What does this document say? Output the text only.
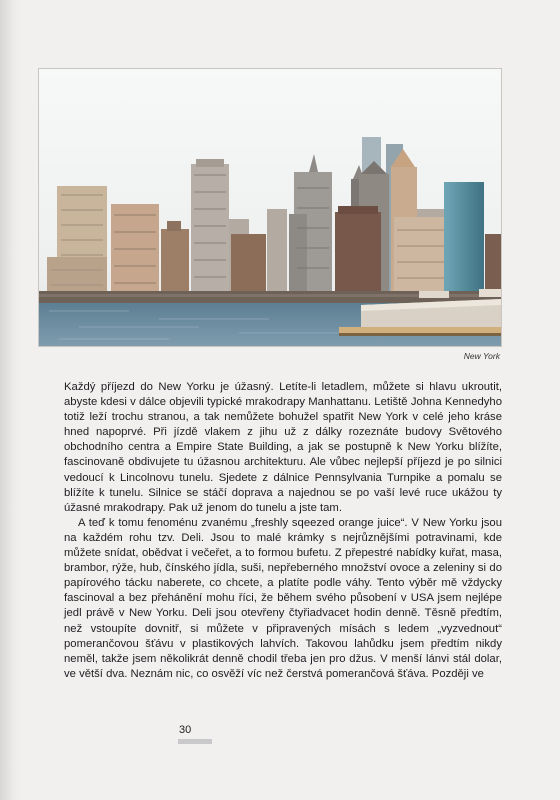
New York

Každý příjezd do New Yorku je úžasný. Letíte-li letadlem, můžete si hlavu ukroutit, abyste kdesi v dálce objevili typické mrakodrapy Manhattanu. Letiště Johna Kennedyho totiž leží trochu stranou, a tak nemůžete bohužel spatřit New York v celé jeho kráse hned napoprvé. Při jízdě vlakem z jihu už z dálky rozeznáte budovy Světového obchodního centra a Empire State Building, a jak se postupně k New Yorku blížíte, fascinovaně obdivujete tu úžasnou architekturu. Ale vůbec nejlepší příjezd je po silnici vedoucí k Lincolnovu tunelu. Sjedete z dálnice Pennsylvania Turnpike a pomalu se blížíte k tunelu. Silnice se stáčí doprava a najednou se po vaší levé ruce ukážou ty úžasné mrakodrapy. Pak už jenom do tunelu a jste tam.

A teď k tomu fenoménu zvanému „freshly sqeezed orange juice“. V New Yorku jsou na každém rohu tzv. Deli. Jsou to malé krámky s nejrůznějšími potravinami, kde můžete snídat, obědvat i večeřet, a to formou bufetu. Z přepestré nabídky kuřat, masa, brambor, rýže, hub, čínského jídla, suši, nepřeberného množství ovoce a zeleniny si do papírového tácku naberete, co chcete, a platíte podle váhy. Tento výběr mě vždycky fascinoval a bez přehánění mohu říci, že během svého působení v USA jsem nejlépe jedl právě v New Yorku. Deli jsou otevřeny čtyřiadvacet hodin denně. Těsně předtím, než vstoupíte dovnitř, si můžete v připravených mísách s ledem „vyzvednout“ pomerančovou šťávu v plastikových lahvích. Takovou lahůdku jsem předtím nikdy neměl, takže jsem několikrát denně chodil třeba jen pro džus. V menší lánvi stál dolar, ve větší dva. Neznám nic, co osvěží víc než čerstvá pomerančová šťáva. Později ve

30
